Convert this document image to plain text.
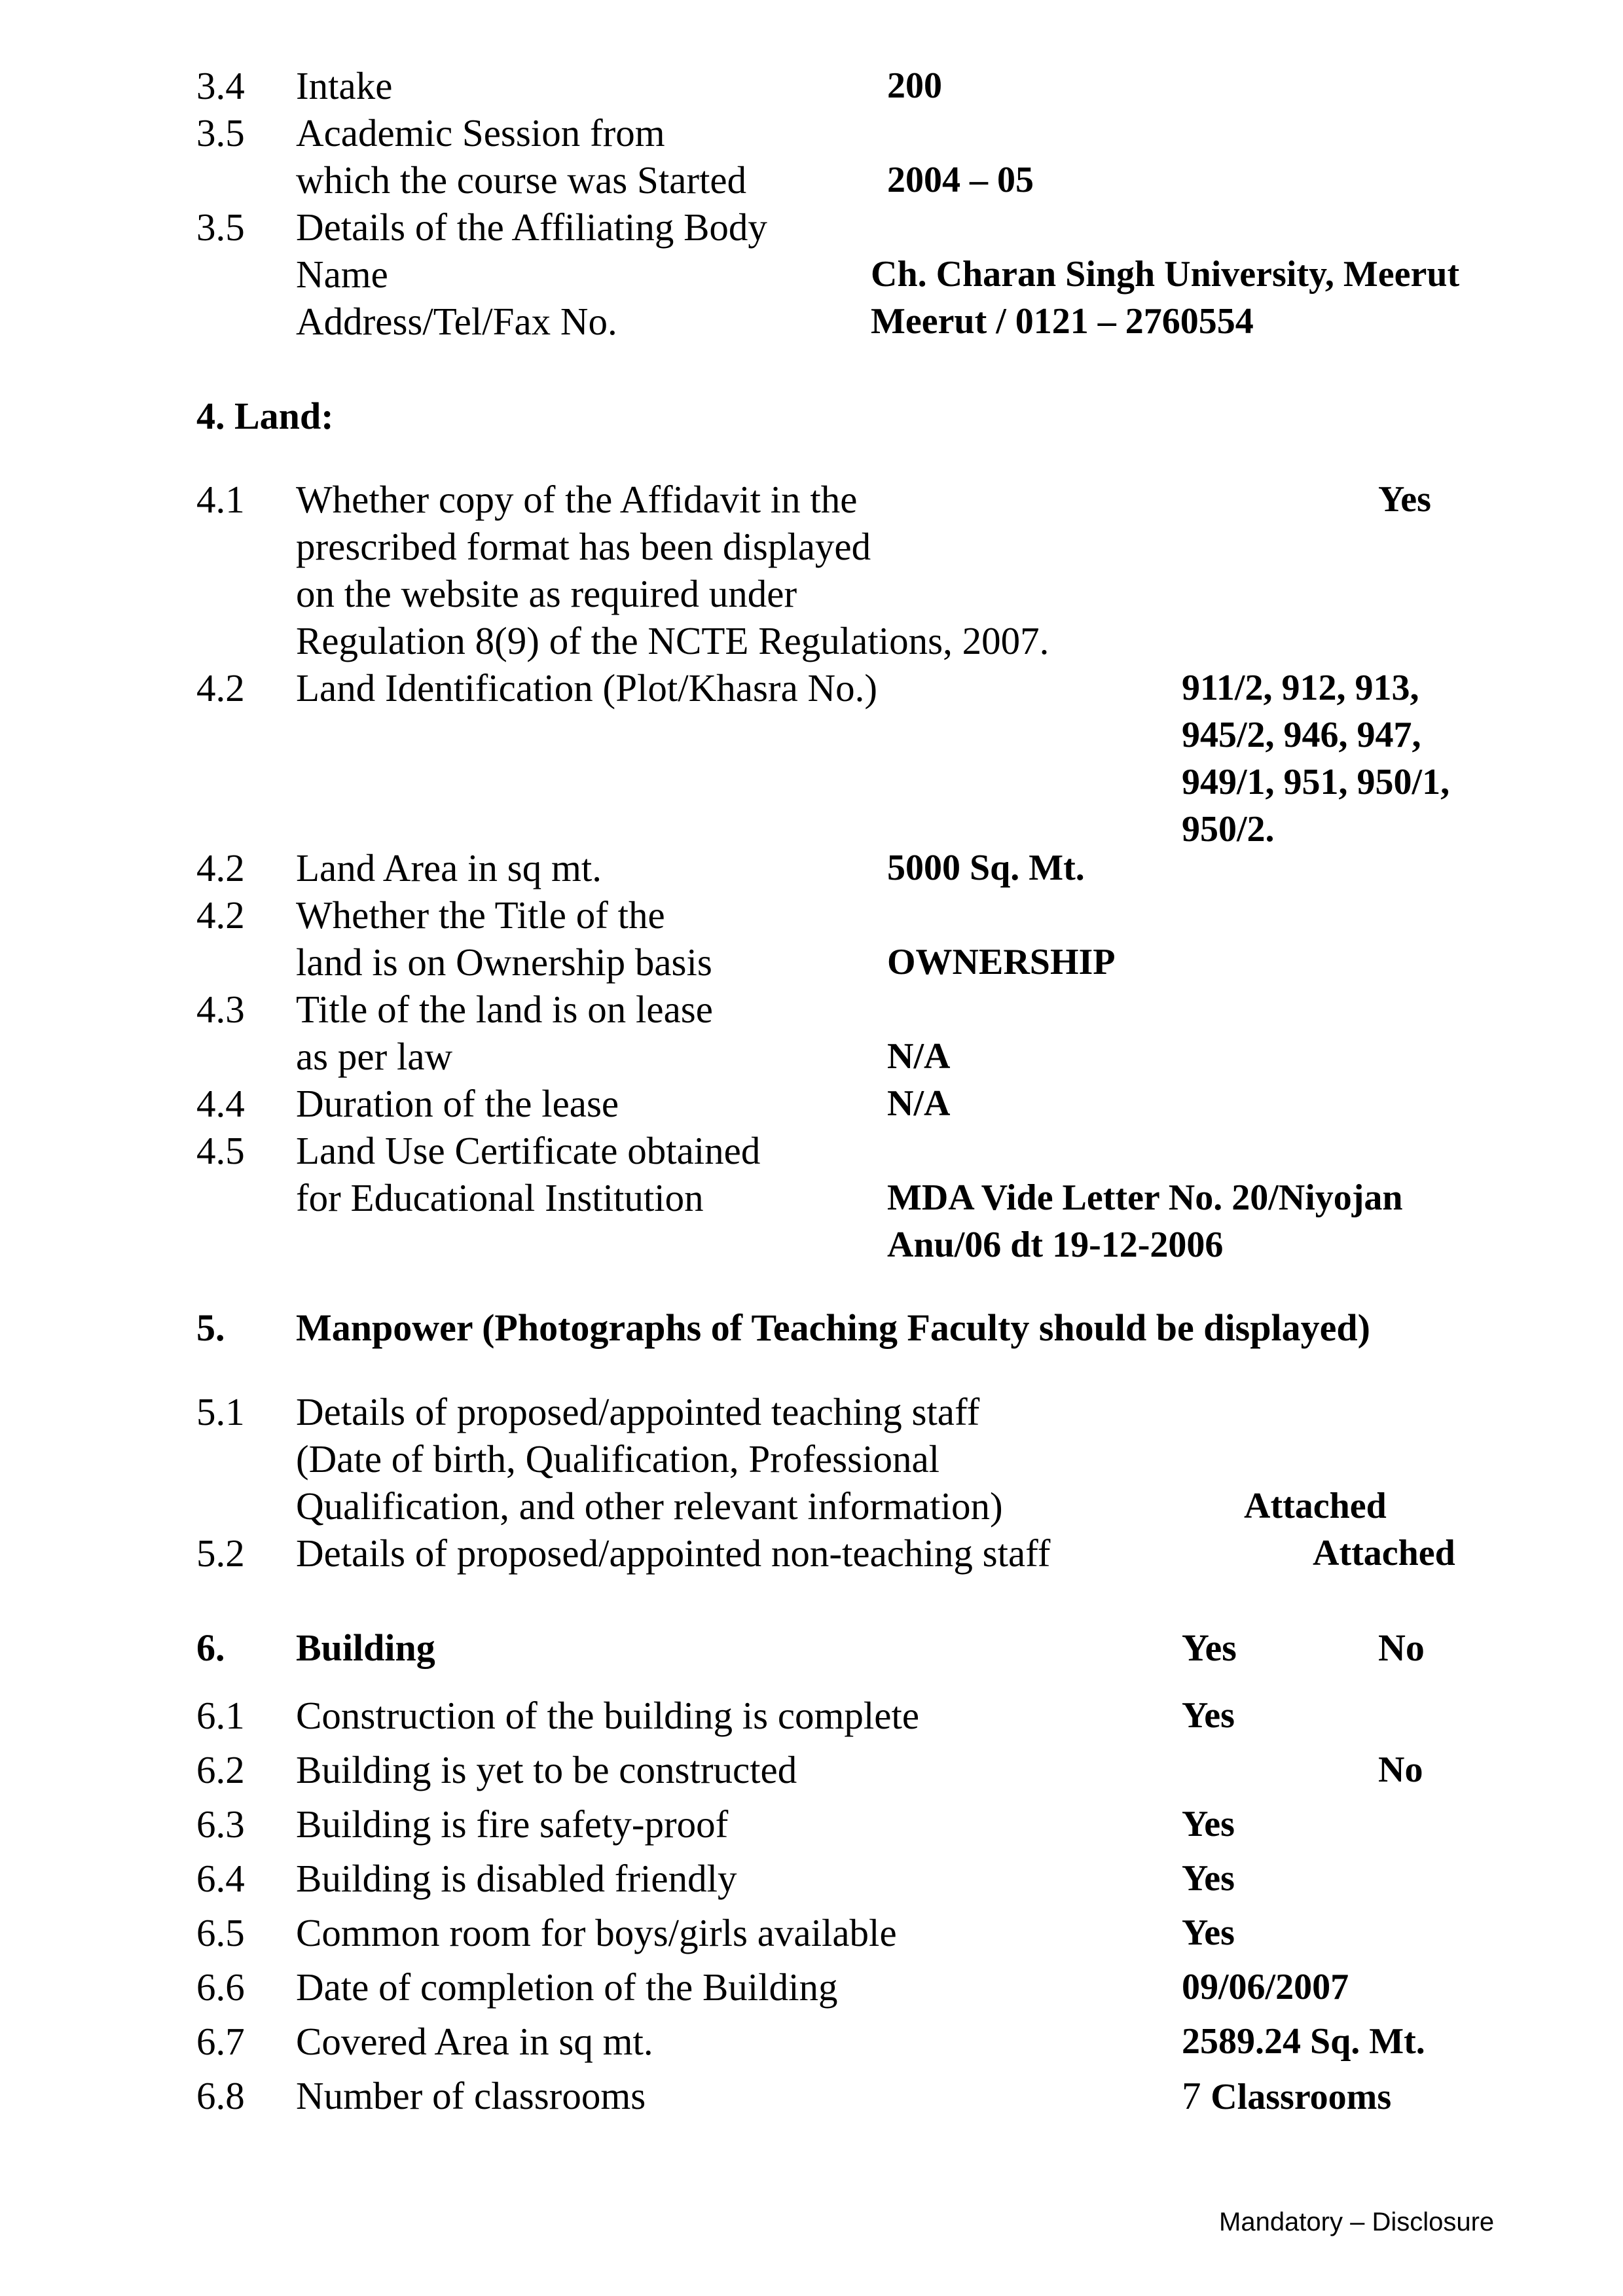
3.4 Intake	200
3.5 Academic Session from
which the course was Started	2004 – 05
3.5 Details of the Affiliating Body
Name	Ch. Charan Singh University, Meerut
Address/Tel/Fax No.	Meerut / 0121 – 2760554
4. Land:
4.1 Whether copy of the Affidavit in the
prescribed format has been displayed
on the website as required under
Regulation 8(9) of the NCTE Regulations, 2007.
Yes
4.2 Land Identification (Plot/Khasra No.)	911/2, 912, 913,
945/2, 946, 947,
949/1, 951, 950/1,
950/2.
4.2 Land Area in sq mt.	5000 Sq. Mt.
4.2 Whether the Title of the
land is on Ownership basis	OWNERSHIP
4.3 Title of the land is on lease
as per law	N/A
4.4 Duration of the lease	N/A
4.5 Land Use Certificate obtained
for Educational Institution	MDA Vide Letter No. 20/Niyojan
Anu/06 dt 19-12-2006
5. Manpower (Photographs of Teaching Faculty should be displayed)
5.1 Details of proposed/appointed teaching staff
(Date of birth, Qualification, Professional
Qualification, and other relevant information)	Attached
5.2 Details of proposed/appointed non-teaching staff	Attached
6. Building	Yes	No
6.1 Construction of the building is complete	Yes
6.2 Building is yet to be constructed	No
6.3 Building is fire safety-proof	Yes
6.4 Building is disabled friendly	Yes
6.5 Common room for boys/girls available	Yes
6.6 Date of completion of the Building	09/06/2007
6.7 Covered Area in sq mt.	2589.24 Sq. Mt.
6.8 Number of classrooms	7 Classrooms
Mandatory – Disclosure
